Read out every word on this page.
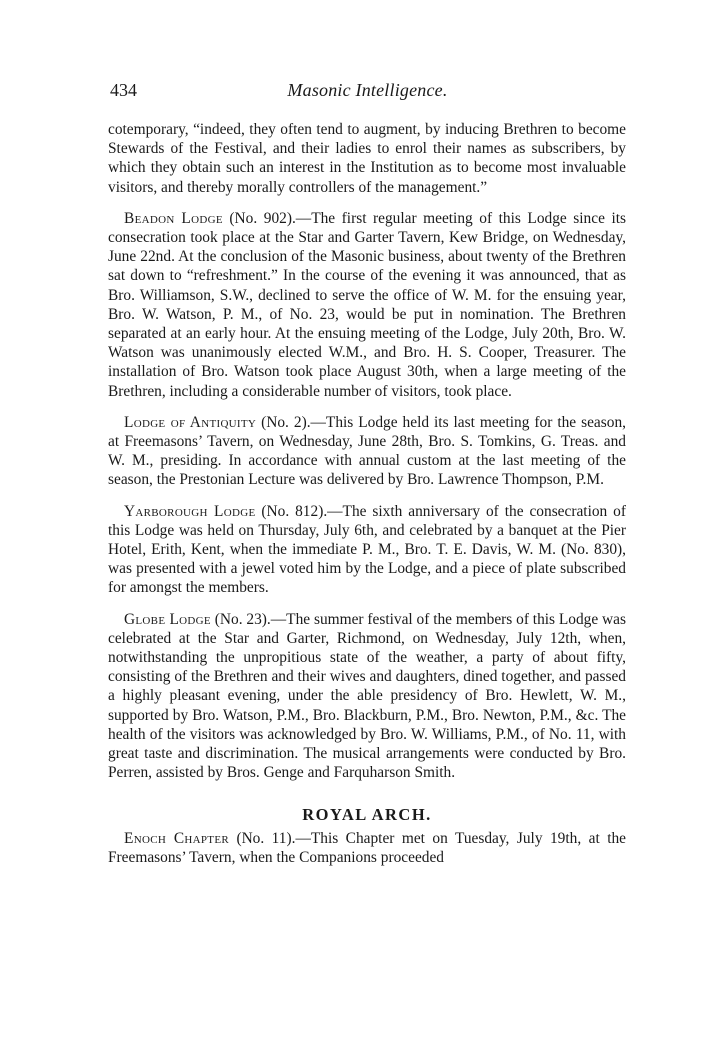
434	Masonic Intelligence.

cotemporary, “indeed, they often tend to augment, by inducing Brethren to become Stewards of the Festival, and their ladies to enrol their names as subscribers, by which they obtain such an interest in the Institution as to become most invaluable visitors, and thereby morally controllers of the management.”

Beadon Lodge (No. 902).—The first regular meeting of this Lodge since its consecration took place at the Star and Garter Tavern, Kew Bridge, on Wednesday, June 22nd. At the conclusion of the Masonic business, about twenty of the Brethren sat down to “refreshment.” In the course of the evening it was announced, that as Bro. Williamson, S.W., declined to serve the office of W. M. for the ensuing year, Bro. W. Watson, P. M., of No. 23, would be put in nomination. The Brethren separated at an early hour. At the ensuing meeting of the Lodge, July 20th, Bro. W. Watson was unanimously elected W.M., and Bro. H. S. Cooper, Treasurer. The installation of Bro. Watson took place August 30th, when a large meeting of the Brethren, including a considerable number of visitors, took place.

Lodge of Antiquity (No. 2).—This Lodge held its last meeting for the season, at Freemasons’ Tavern, on Wednesday, June 28th, Bro. S. Tomkins, G. Treas. and W. M., presiding. In accordance with annual custom at the last meeting of the season, the Prestonian Lecture was delivered by Bro. Lawrence Thompson, P.M.

Yarborough Lodge (No. 812).—The sixth anniversary of the consecration of this Lodge was held on Thursday, July 6th, and celebrated by a banquet at the Pier Hotel, Erith, Kent, when the immediate P. M., Bro. T. E. Davis, W. M. (No. 830), was presented with a jewel voted him by the Lodge, and a piece of plate subscribed for amongst the members.

Globe Lodge (No. 23).—The summer festival of the members of this Lodge was celebrated at the Star and Garter, Richmond, on Wednesday, July 12th, when, notwithstanding the unpropitious state of the weather, a party of about fifty, consisting of the Brethren and their wives and daughters, dined together, and passed a highly pleasant evening, under the able presidency of Bro. Hewlett, W. M., supported by Bro. Watson, P.M., Bro. Blackburn, P.M., Bro. Newton, P.M., &c. The health of the visitors was acknowledged by Bro. W. Williams, P.M., of No. 11, with great taste and discrimination. The musical arrangements were conducted by Bro. Perren, assisted by Bros. Genge and Farquharson Smith.

ROYAL ARCH.

Enoch Chapter (No. 11).—This Chapter met on Tuesday, July 19th, at the Freemasons’ Tavern, when the Companions proceeded
